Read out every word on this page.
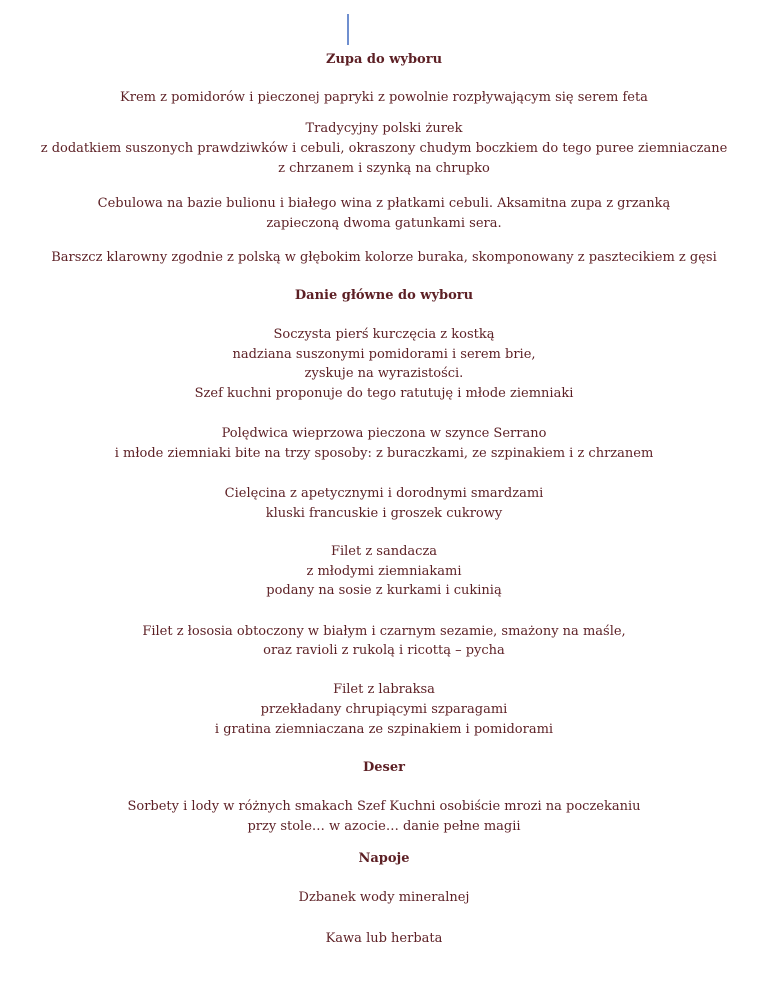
Zupa do wyboru
Krem z pomidorów i pieczonej papryki z powolnie rozpływającym się serem feta
Tradycyjny polski żurek
z dodatkiem suszonych prawdziwków i cebuli, okraszony chudym boczkiem do tego puree ziemniaczane
z chrzanem i szynką na chrupko
Cebulowa na bazie bulionu i białego wina z płatkami cebuli. Aksamitna zupa z grzanką
zapieczoną dwoma gatunkami sera.
Barszcz klarowny zgodnie z polską w głębokim kolorze buraka, skomponowany z pasztecikiem z gęsi
Danie główne do wyboru
Soczysta pierś kurczęcia z kostką
nadziana suszonymi pomidorami i serem brie,
zyskuje na wyrazistości.
Szef kuchni proponuje do tego ratutuję i młode ziemniaki
Polędwica wieprzowa pieczona w szynce Serrano
i młode ziemniaki bite na trzy sposoby: z buraczkami, ze szpinakiem i z chrzanem
Cielęcina z apetycznymi i dorodnymi smardzami
kluski francuskie i groszek cukrowy
Filet z sandacza
z młodymi ziemniakami
podany na sosie z kurkami i cukinią
Filet z łososia obtoczony w białym i czarnym sezamie, smażony na maśle,
oraz ravioli z rukolą i ricottą – pycha
Filet z labraksa
przekładany chrupiącymi szparagami
i gratina ziemniaczana ze szpinakiem i pomidorami
Deser
Sorbety i lody w różnych smakach Szef Kuchni osobiście mrozi na poczekaniu
przy stole… w azocie… danie pełne magii
Napoje
Dzbanek wody mineralnej
Kawa lub herbata
